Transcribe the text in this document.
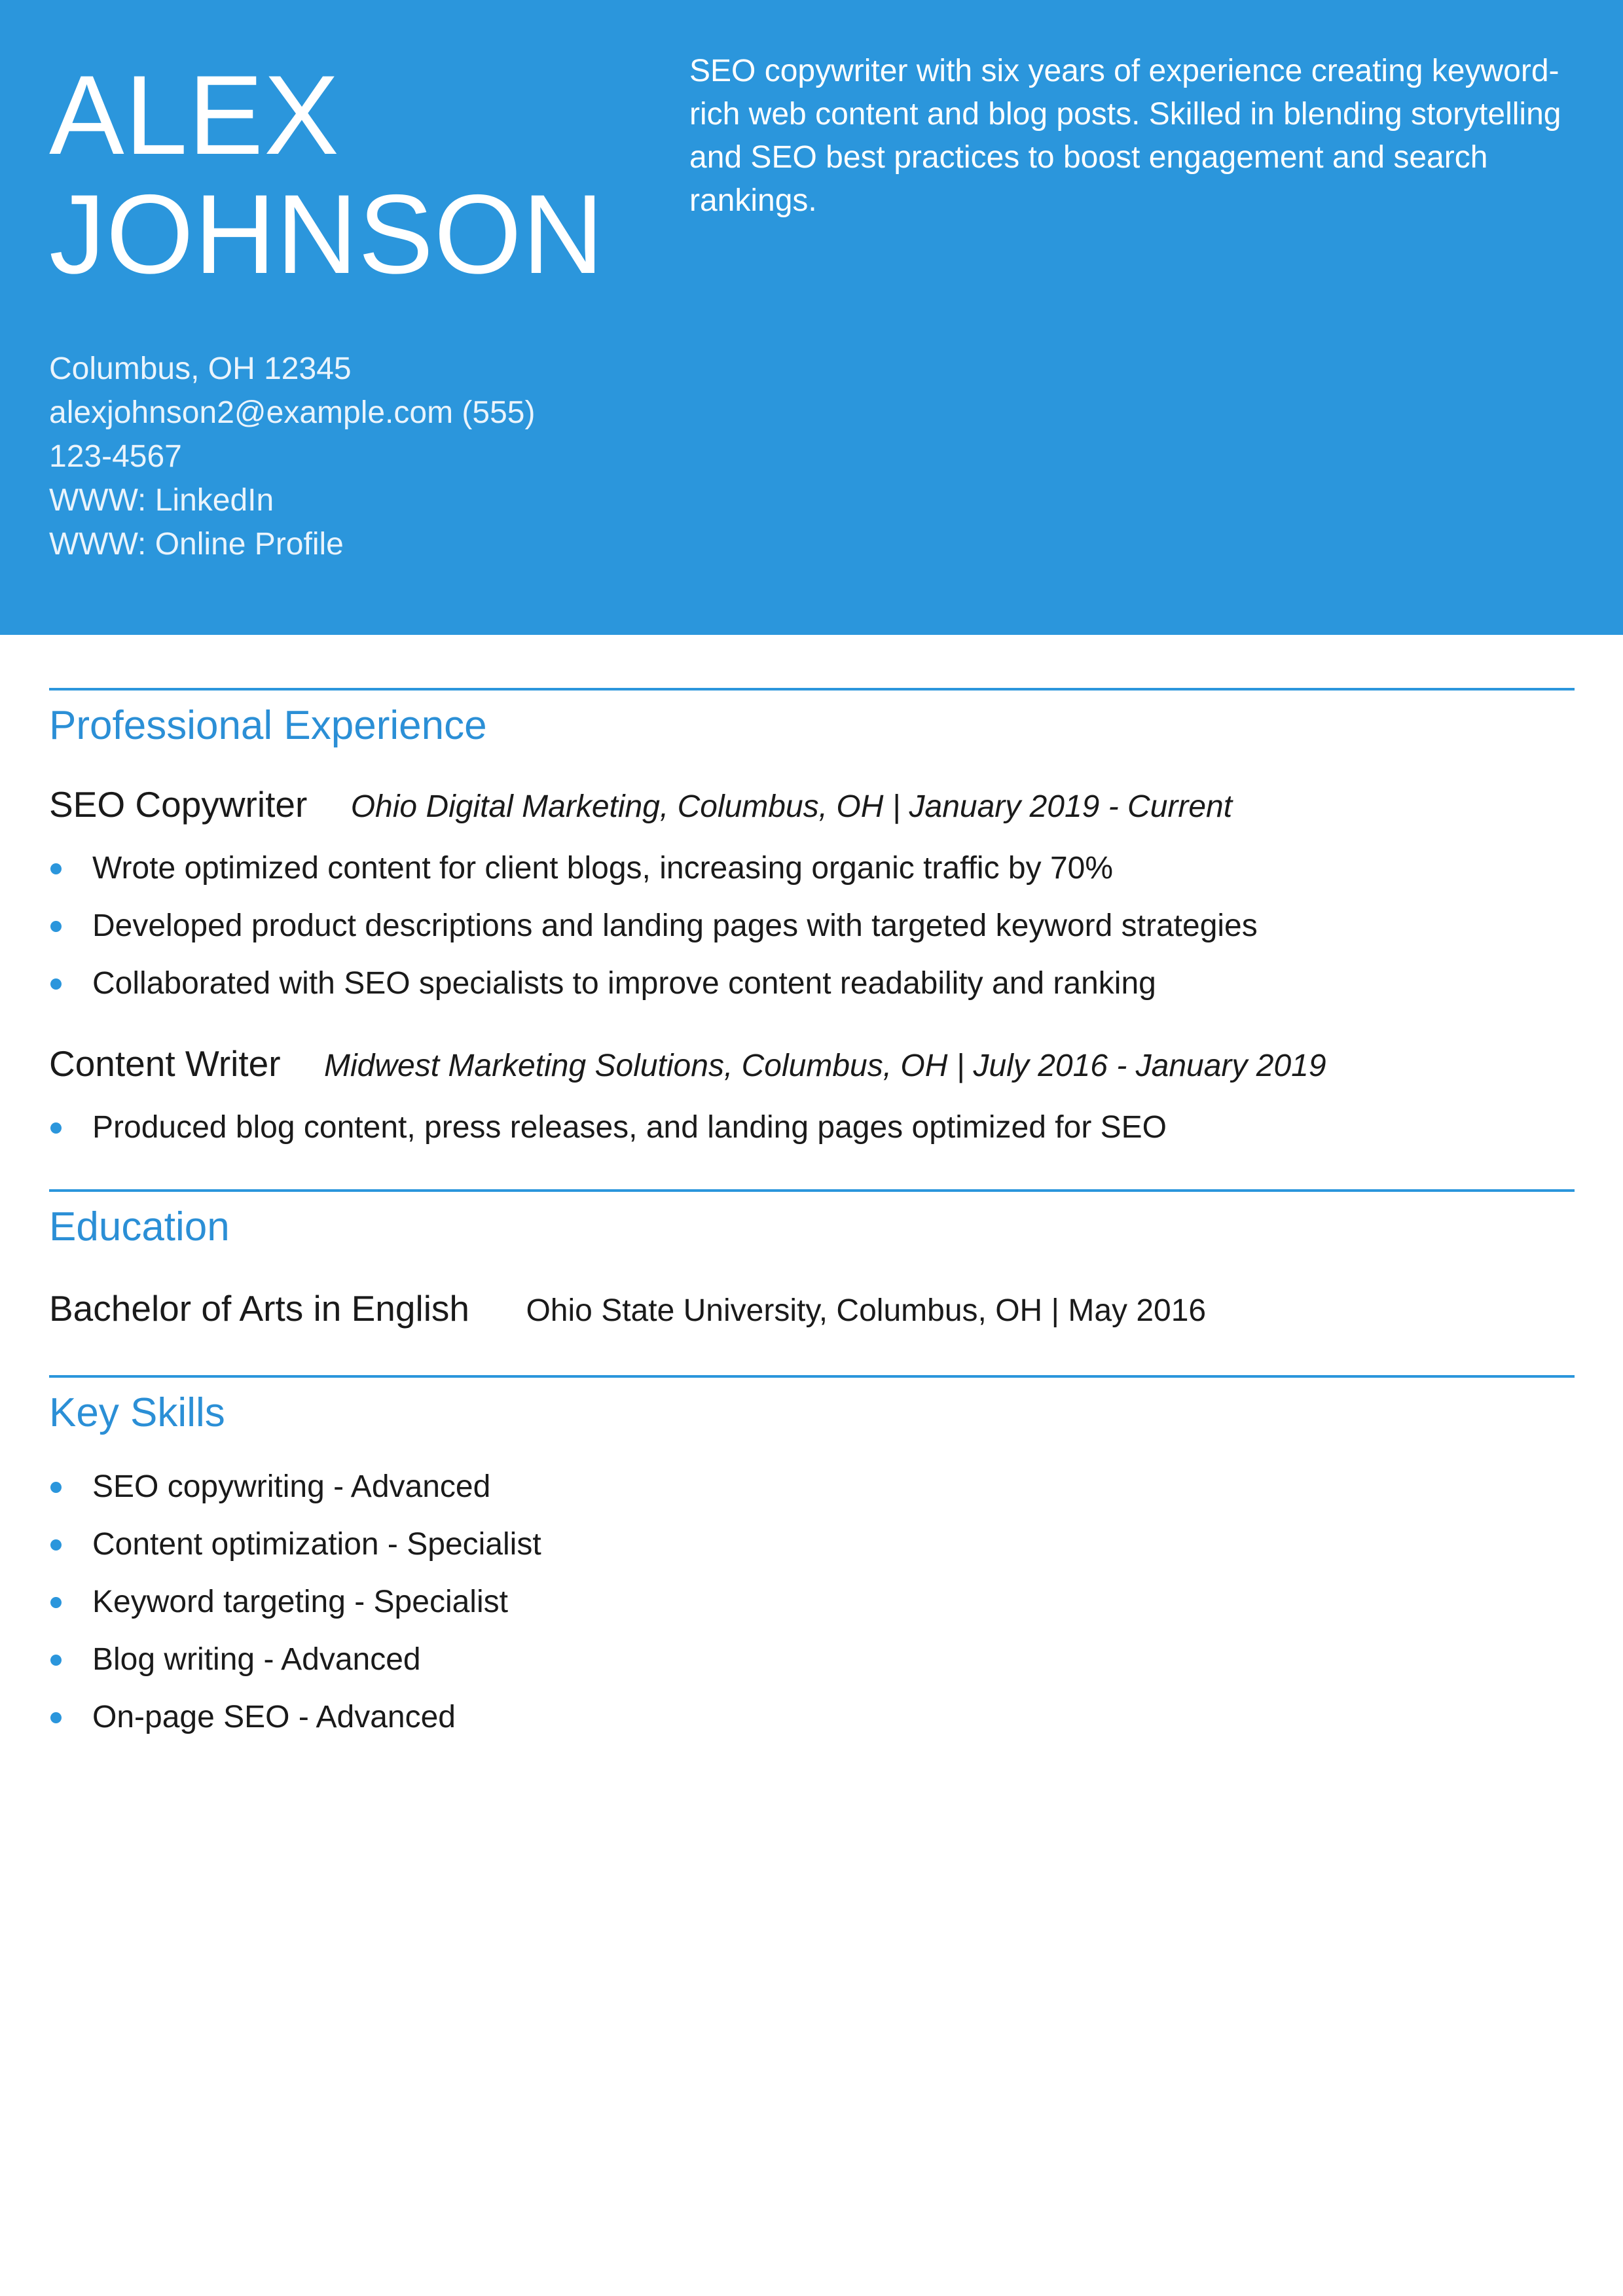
ALEX
JOHNSON
Columbus, OH 12345
alexjohnson2@example.com (555)
123-4567
WWW: LinkedIn
WWW: Online Profile

SEO copywriter with six years of experience creating keyword-rich web content and blog posts. Skilled in blending storytelling and SEO best practices to boost engagement and search rankings.

Professional Experience
SEO Copywriter Ohio Digital Marketing, Columbus, OH | January 2019 - Current
Wrote optimized content for client blogs, increasing organic traffic by 70%
Developed product descriptions and landing pages with targeted keyword strategies
Collaborated with SEO specialists to improve content readability and ranking
Content Writer Midwest Marketing Solutions, Columbus, OH | July 2016 - January 2019
Produced blog content, press releases, and landing pages optimized for SEO
Education
Bachelor of Arts in English Ohio State University, Columbus, OH | May 2016
Key Skills
SEO copywriting - Advanced
Content optimization - Specialist
Keyword targeting - Specialist
Blog writing - Advanced
On-page SEO - Advanced
